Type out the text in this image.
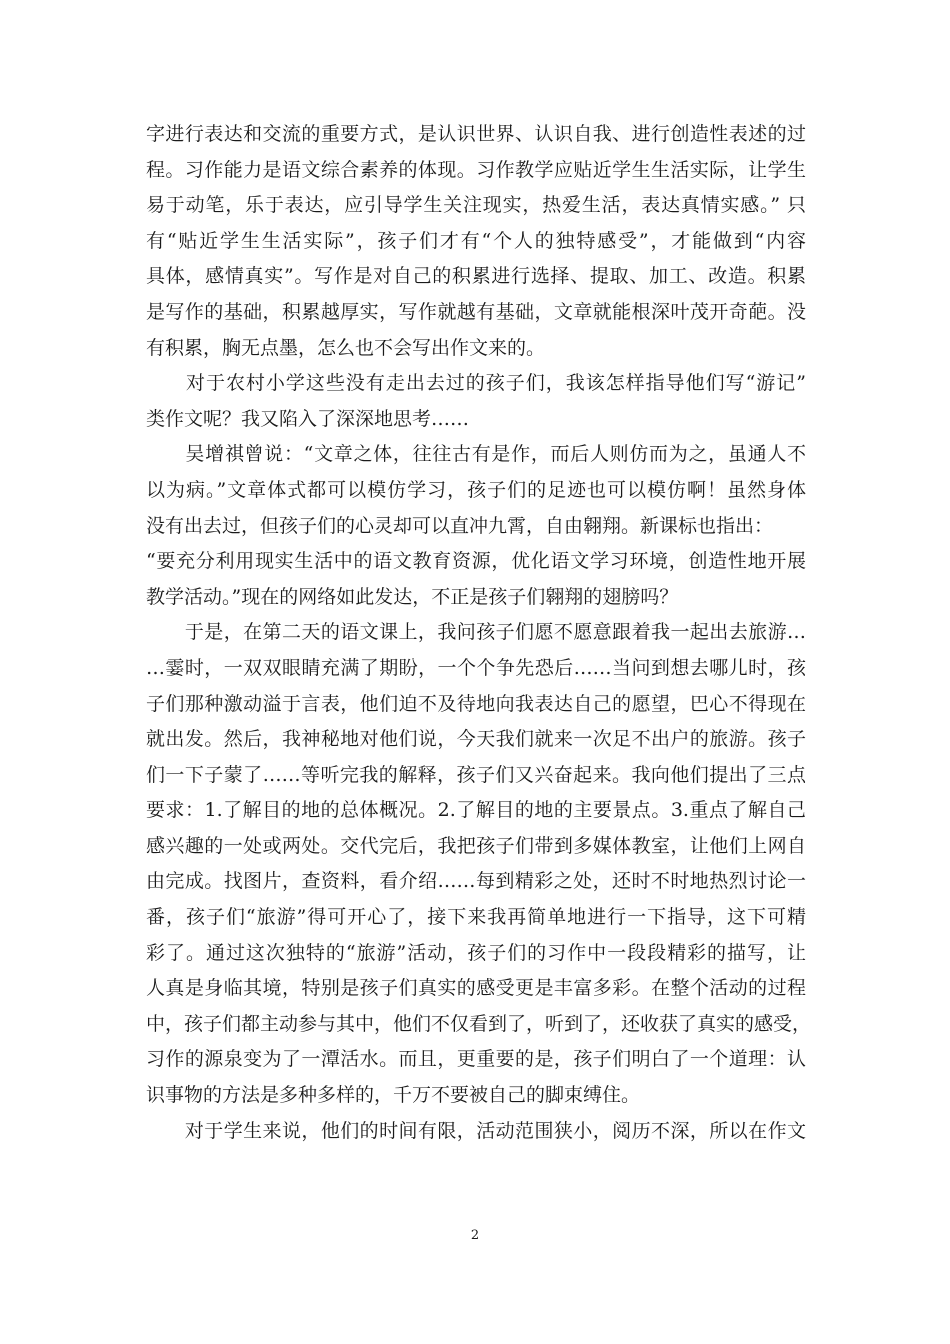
字进行表达和交流的重要方式，是认识世界、认识自我、进行创造性表述的过
程。习作能力是语文综合素养的体现。习作教学应贴近学生生活实际，让学生
易于动笔，乐于表达，应引导学生关注现实，热爱生活，表达真情实感。” 只
有“贴近学生生活实际”，孩子们才有“个人的独特感受”，才能做到“内容
具体，感情真实”。写作是对自己的积累进行选择、提取、加工、改造。积累
是写作的基础，积累越厚实，写作就越有基础，文章就能根深叶茂开奇葩。没
有积累，胸无点墨，怎么也不会写出作文来的。
　　对于农村小学这些没有走出去过的孩子们，我该怎样指导他们写“游记”
类作文呢？我又陷入了深深地思考……
　　吴增祺曾说：“文章之体，往往古有是作，而后人则仿而为之，虽通人不
以为病。”文章体式都可以模仿学习，孩子们的足迹也可以模仿啊！虽然身体
没有出去过，但孩子们的心灵却可以直冲九霄，自由翱翔。新课标也指出：
“要充分利用现实生活中的语文教育资源，优化语文学习环境，创造性地开展
教学活动。”现在的网络如此发达，不正是孩子们翱翔的翅膀吗？
　　于是，在第二天的语文课上，我问孩子们愿不愿意跟着我一起出去旅游…
…霎时，一双双眼睛充满了期盼，一个个争先恐后……当问到想去哪儿时，孩
子们那种激动溢于言表，他们迫不及待地向我表达自己的愿望，巴心不得现在
就出发。然后，我神秘地对他们说，今天我们就来一次足不出户的旅游。孩子
们一下子蒙了……等听完我的解释，孩子们又兴奋起来。我向他们提出了三点
要求：1.了解目的地的总体概况。2.了解目的地的主要景点。3.重点了解自己
感兴趣的一处或两处。交代完后，我把孩子们带到多媒体教室，让他们上网自
由完成。找图片，查资料，看介绍……每到精彩之处，还时不时地热烈讨论一
番，孩子们“旅游”得可开心了，接下来我再简单地进行一下指导，这下可精
彩了。通过这次独特的“旅游”活动，孩子们的习作中一段段精彩的描写，让
人真是身临其境，特别是孩子们真实的感受更是丰富多彩。在整个活动的过程
中，孩子们都主动参与其中，他们不仅看到了，听到了，还收获了真实的感受，
习作的源泉变为了一潭活水。而且，更重要的是，孩子们明白了一个道理：认
识事物的方法是多种多样的，千万不要被自己的脚束缚住。
　　对于学生来说，他们的时间有限，活动范围狭小，阅历不深，所以在作文
2
